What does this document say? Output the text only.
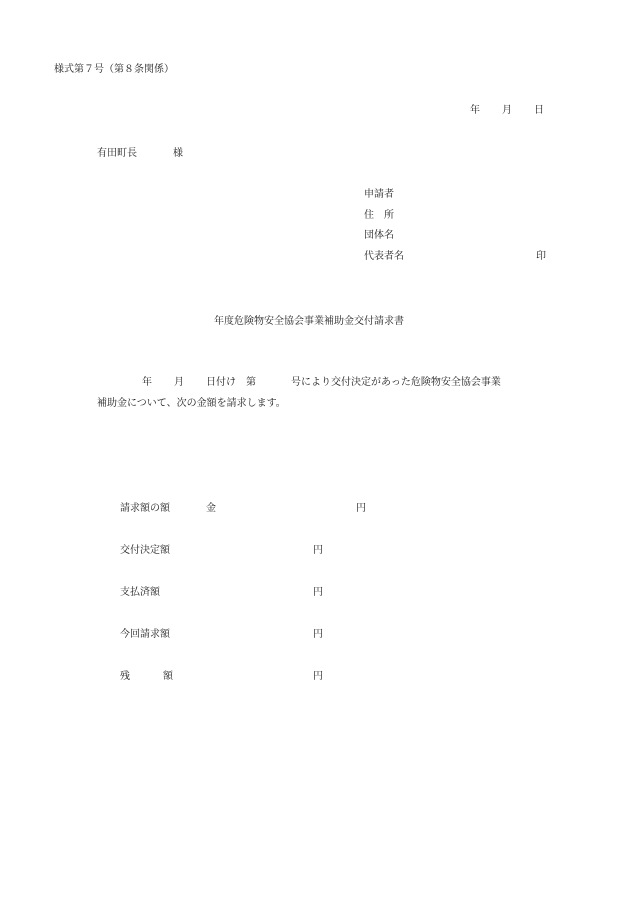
様式第７号（第８条関係）
年 月 日
有田町長	様
申請者
住　所
団体名
代表者名	印
年度危険物安全協会事業補助金交付請求書
年 月 日付け　第	号により交付決定があった危険物安全協会事業
補助金について、次の金額を請求します。
請求額の額	金	円
交付決定額	円
支払済額	円
今回請求額	円
残	額	円
